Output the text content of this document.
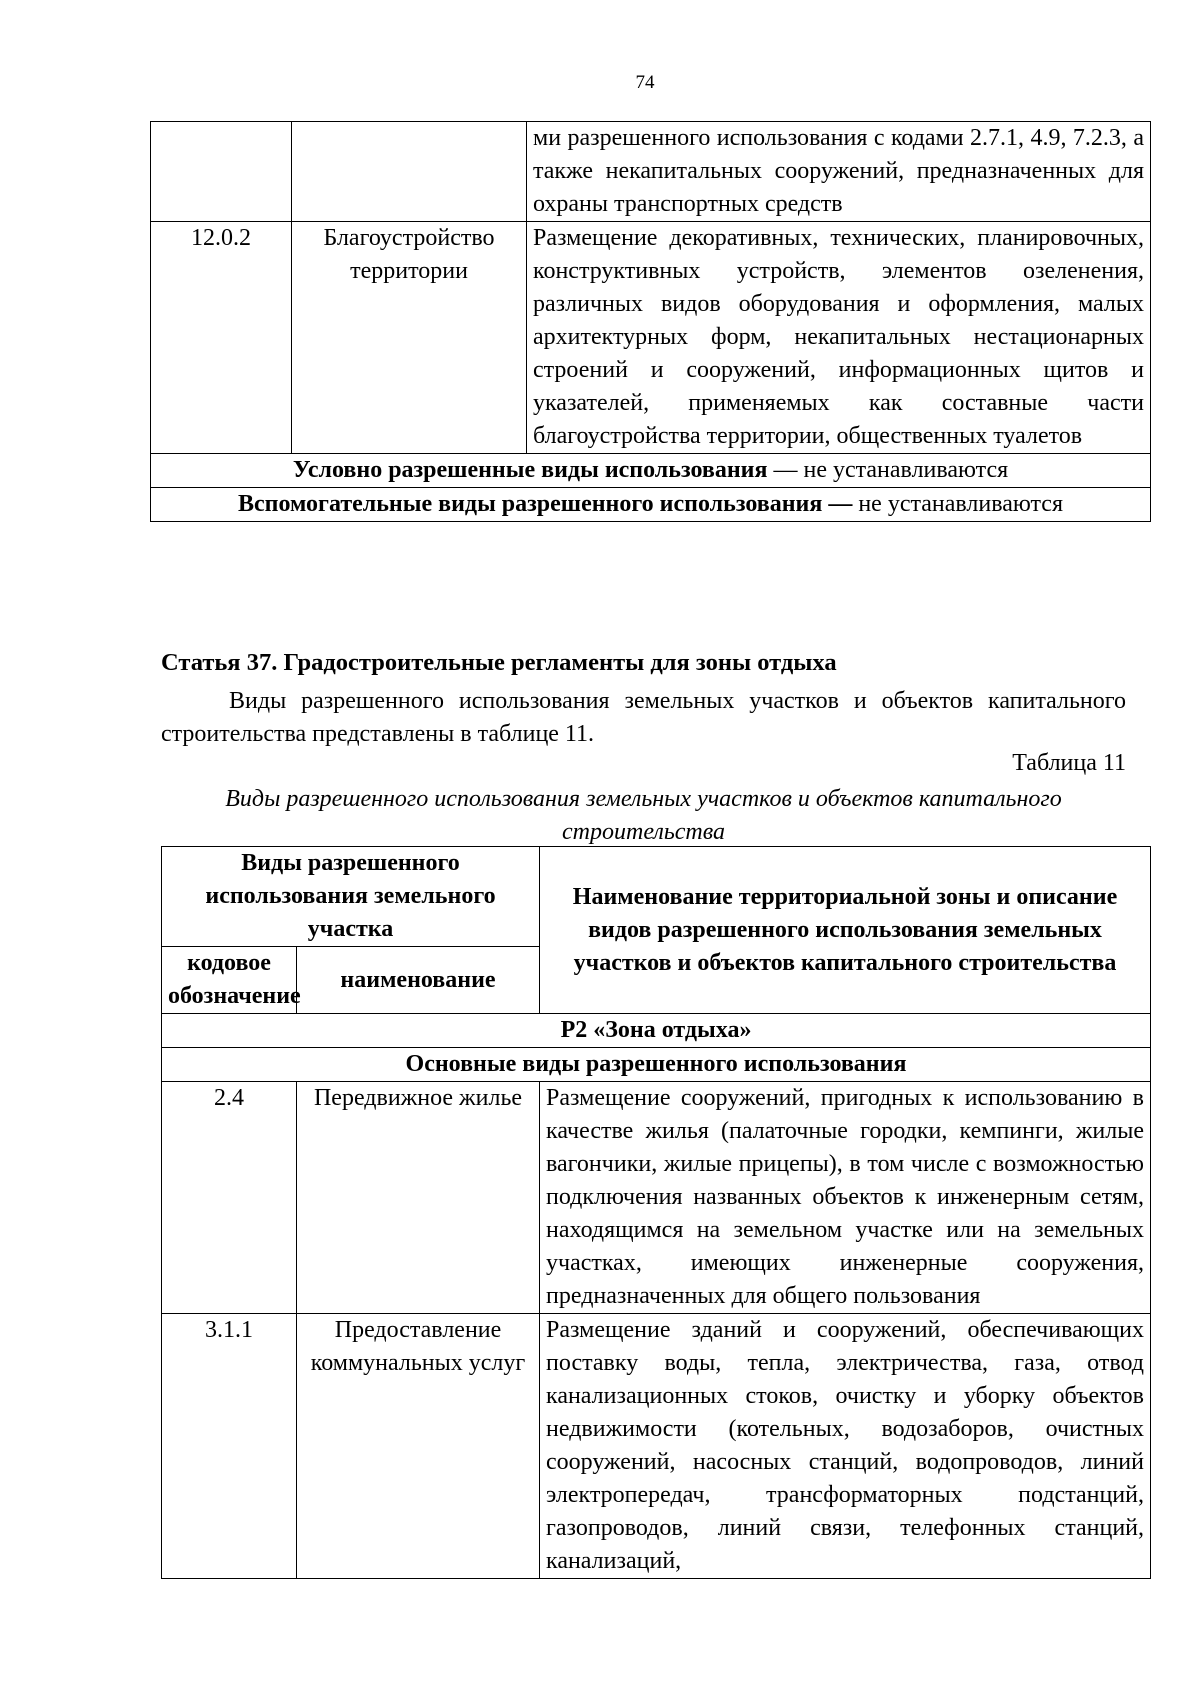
74
		ми разрешенного использования с кодами 2.7.1, 4.9, 7.2.3, а также некапитальных сооружений, предназначенных для охраны транспортных средств
12.0.2	Благоустройство территории	Размещение декоративных, технических, планировочных, конструктивных устройств, элементов озеленения, различных видов оборудования и оформления, малых архитектурных форм, некапитальных нестационарных строений и сооружений, информационных щитов и указателей, применяемых как составные части благоустройства территории, общественных туалетов
Условно разрешенные виды использования — не устанавливаются		
Вспомогательные виды разрешенного использования — не устанавливаются		
Статья 37. Градостроительные регламенты для зоны отдыха
Виды разрешенного использования земельных участков и объектов капитального строительства представлены в таблице 11.
Таблица 11
Виды разрешенного использования земельных участков и объектов капитального строительства
Виды разрешенного использования земельного участка		Наименование территориальной зоны и описание видов разрешенного использования земельных участков и объектов капитального строительства
кодовое обозначение	наименование	
Р2 «Зона отдыха»		
Основные виды разрешенного использования		
2.4	Передвижное жилье	Размещение сооружений, пригодных к использованию в качестве жилья (палаточные городки, кемпинги, жилые вагончики, жилые прицепы), в том числе с возможностью подключения названных объектов к инженерным сетям, находящимся на земельном участке или на земельных участках, имеющих инженерные сооружения, предназначенных для общего пользования
3.1.1	Предоставление коммунальных услуг	Размещение зданий и сооружений, обеспечивающих поставку воды, тепла, электричества, газа, отвод канализационных стоков, очистку и уборку объектов недвижимости (котельных, водозаборов, очистных сооружений, насосных станций, водопроводов, линий электропередач, трансформаторных подстанций, газопроводов, линий связи, телефонных станций, канализаций,
